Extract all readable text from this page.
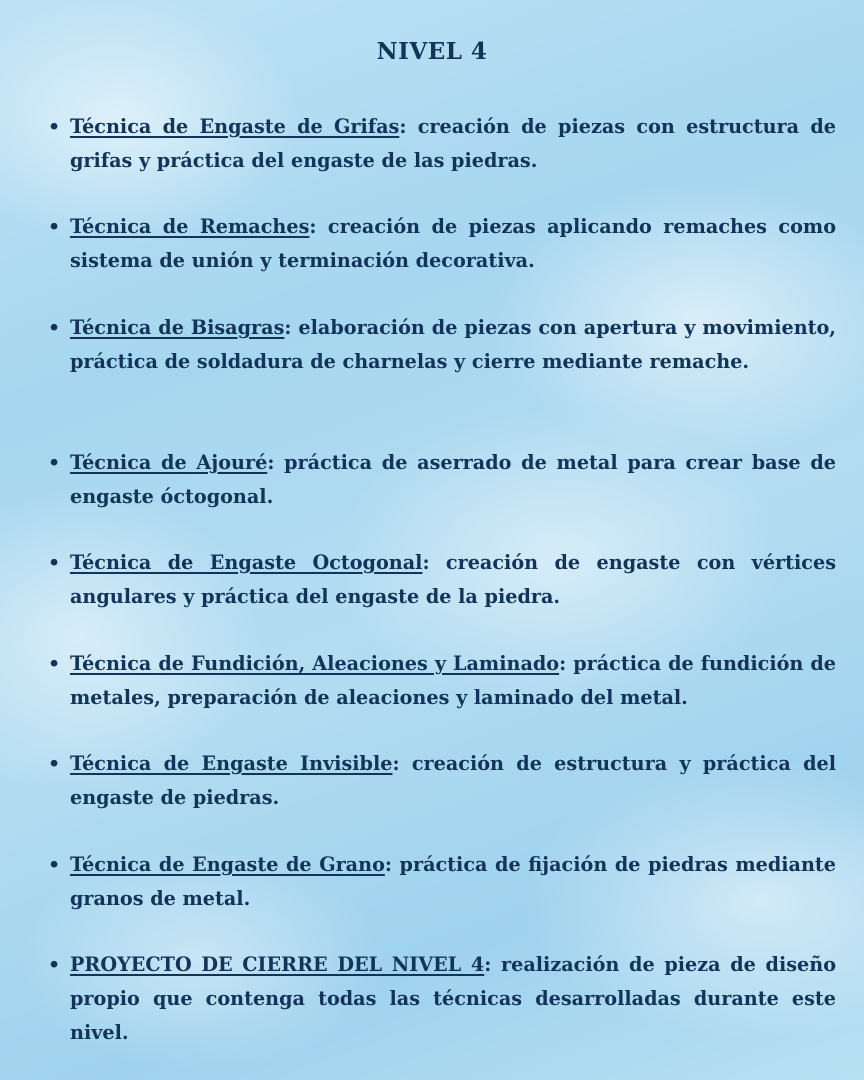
NIVEL 4
• Técnica de Engaste de Grifas: creación de piezas con estructura de grifas y práctica del engaste de las piedras.
• Técnica de Remaches: creación de piezas aplicando remaches como sistema de unión y terminación decorativa.
• Técnica de Bisagras: elaboración de piezas con apertura y movimiento, práctica de soldadura de charnelas y cierre mediante remache.
• Técnica de Ajouré: práctica de aserrado de metal para crear base de engaste óctogonal.
• Técnica de Engaste Octogonal: creación de engaste con vértices angulares y práctica del engaste de la piedra.
• Técnica de Fundición, Aleaciones y Laminado: práctica de fundición de metales, preparación de aleaciones y laminado del metal.
• Técnica de Engaste Invisible: creación de estructura y práctica del engaste de piedras.
• Técnica de Engaste de Grano: práctica de fijación de piedras mediante granos de metal.
• PROYECTO DE CIERRE DEL NIVEL 4: realización de pieza de diseño propio que contenga todas las técnicas desarrolladas durante este nivel.
